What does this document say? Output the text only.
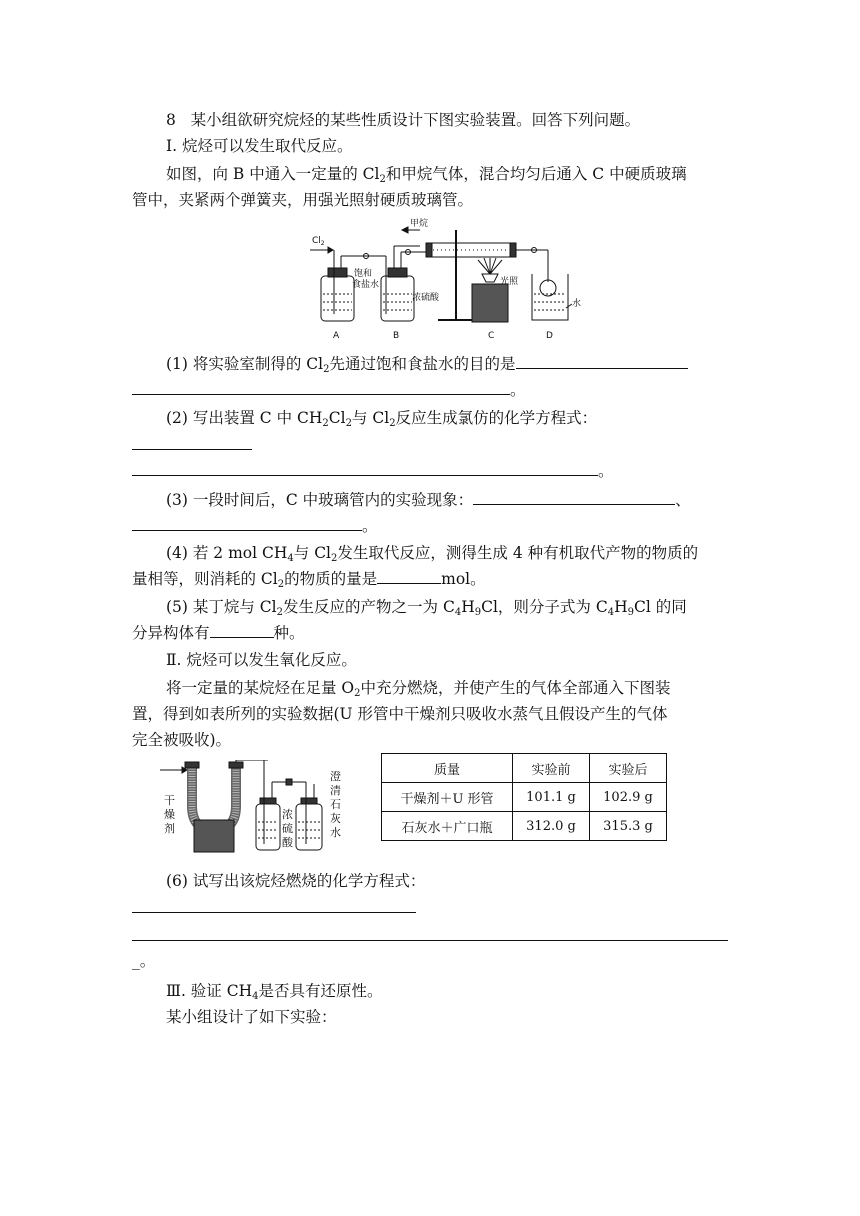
8 某小组欲研究烷烃的某些性质设计下图实验装置。回答下列问题。
Ⅰ. 烷烃可以发生取代反应。
如图，向 B 中通入一定量的 $Cl_2$和甲烷气体，混合均匀后通入 C 中硬质玻璃
管中，夹紧两个弹簧夹，用强光照射硬质玻璃管。
$Cl_2$
甲烷
饱和
食盐水
浓硫酸
光照
水
A	B	C	D
(1) 将实验室制得的 $Cl_2$先通过饱和食盐水的目的是
。
(2) 写出装置 C 中 $CH_2Cl_2$与 $Cl_2$反应生成氯仿的化学方程式：
。
(3) 一段时间后，C 中玻璃管内的实验现象：	、
。
(4) 若 2 mol $CH_4$与 $Cl_2$发生取代反应，测得生成 4 种有机取代产物的物质的
量相等，则消耗的 $Cl_2$的物质的量是	mol。
(5) 某丁烷与 $Cl_2$发生反应的产物之一为 $C_4H_9Cl$，则分子式为 $C_4H_9Cl$ 的同
分异构体有	种。
Ⅱ. 烷烃可以发生氧化反应。
将一定量的某烷烃在足量 $O_2$中充分燃烧，并使产生的气体全部通入下图装
置，得到如表所列的实验数据(U 形管中干燥剂只吸收水蒸气且假设产生的气体
完全被吸收)。
干
燥
剂
浓
硫
酸
澄
清
石
灰
水
质量	实验前	实验后
干燥剂＋U 形管	101.1 g	102.9 g
石灰水＋广口瓶	312.0 g	315.3 g
(6) 试写出该烷烃燃烧的化学方程式：
_。
Ⅲ. 验证 $CH_4$是否具有还原性。
某小组设计了如下实验：
